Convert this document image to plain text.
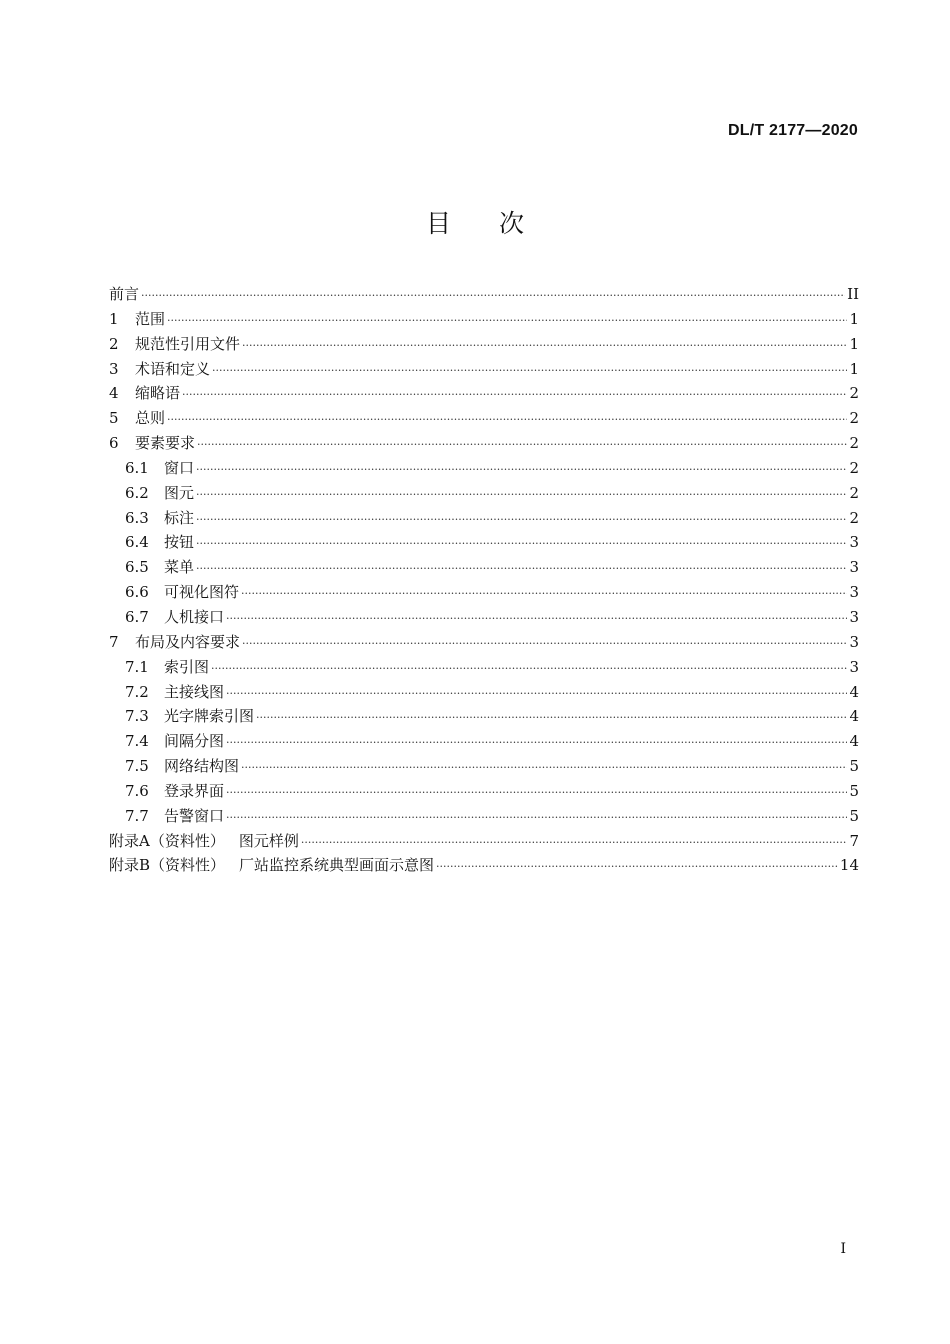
DL/T 2177—2020
目次
前言 ·····	II
1	范围 ·····	1
2	规范性引用文件 ·····	1
3	术语和定义 ·····	1
4	缩略语 ·····	2
5	总则 ·····	2
6	要素要求 ·····	2
6.1	窗口 ·····	2
6.2	图元 ·····	2
6.3	标注 ·····	2
6.4	按钮 ·····	3
6.5	菜单 ·····	3
6.6	可视化图符 ·····	3
6.7	人机接口 ·····	3
7	布局及内容要求 ·····	3
7.1	索引图 ·····	3
7.2	主接线图 ·····	4
7.3	光字牌索引图 ·····	4
7.4	间隔分图 ·····	4
7.5	网络结构图 ·····	5
7.6	登录界面 ·····	5
7.7	告警窗口 ·····	5
附录A（资料性） 图元样例 ·····	7
附录B（资料性） 厂站监控系统典型画面示意图 ·····	14
I
